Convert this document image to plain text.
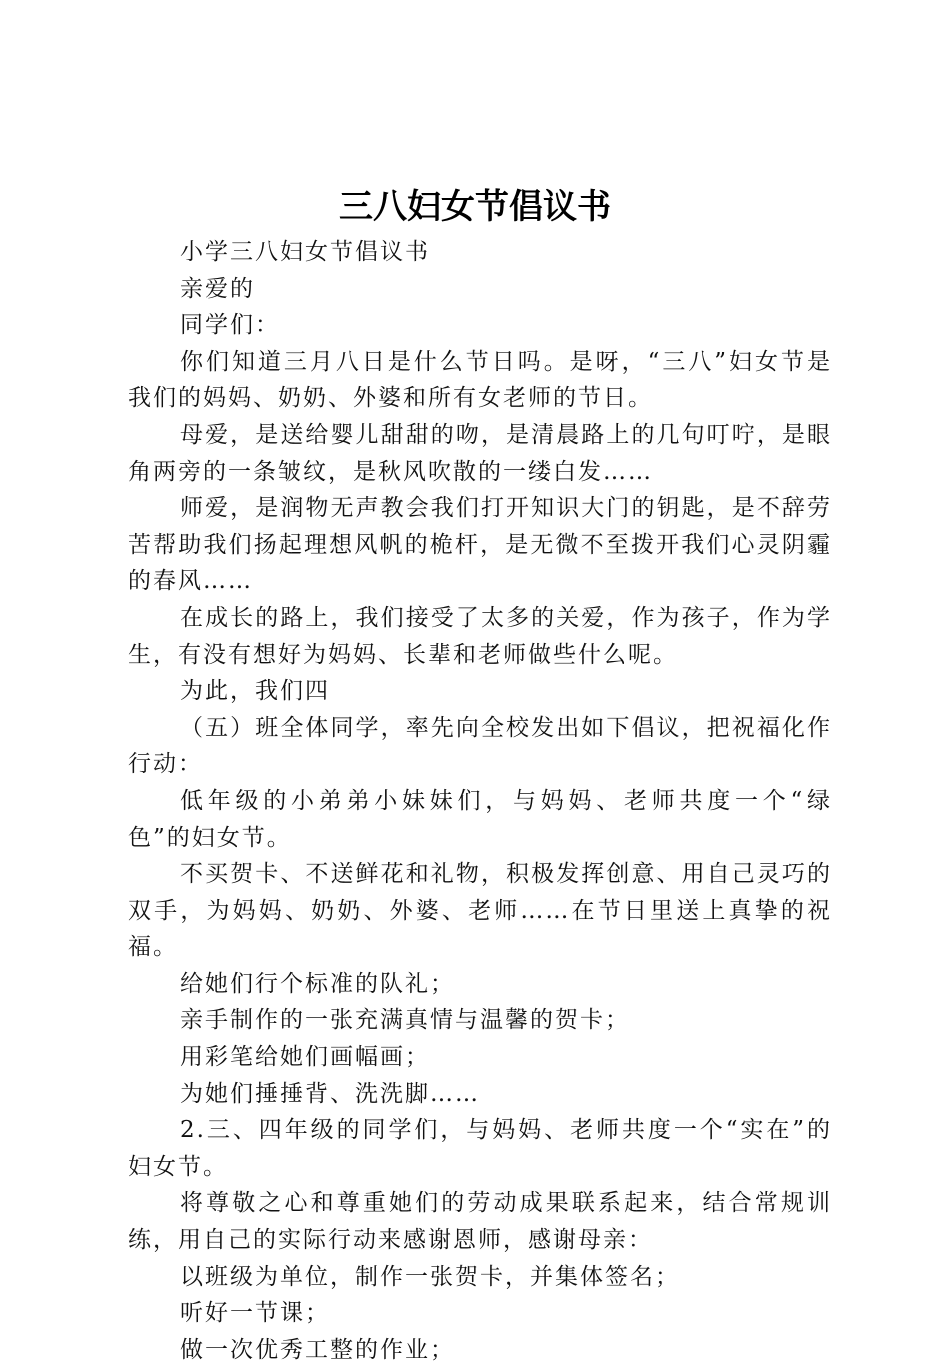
三八妇女节倡议书

小学三八妇女节倡议书

亲爱的

同学们：

你们知道三月八日是什么节日吗。是呀，“三八”妇女节是我们的妈妈、奶奶、外婆和所有女老师的节日。

母爱，是送给婴儿甜甜的吻，是清晨路上的几句叮咛，是眼角两旁的一条皱纹，是秋风吹散的一缕白发……

师爱，是润物无声教会我们打开知识大门的钥匙，是不辞劳苦帮助我们扬起理想风帆的桅杆，是无微不至拨开我们心灵阴霾的春风……

在成长的路上，我们接受了太多的关爱，作为孩子，作为学生，有没有想好为妈妈、长辈和老师做些什么呢。

为此，我们四

（五）班全体同学，率先向全校发出如下倡议，把祝福化作行动：

低年级的小弟弟小妹妹们，与妈妈、老师共度一个“绿色”的妇女节。

不买贺卡、不送鲜花和礼物，积极发挥创意、用自己灵巧的双手，为妈妈、奶奶、外婆、老师……在节日里送上真挚的祝福。

给她们行个标准的队礼；

亲手制作的一张充满真情与温馨的贺卡；

用彩笔给她们画幅画；

为她们捶捶背、洗洗脚……

2.三、四年级的同学们，与妈妈、老师共度一个“实在”的妇女节。

将尊敬之心和尊重她们的劳动成果联系起来，结合常规训练，用自己的实际行动来感谢恩师，感谢母亲：

以班级为单位，制作一张贺卡，并集体签名；

听好一节课；

做一次优秀工整的作业；
